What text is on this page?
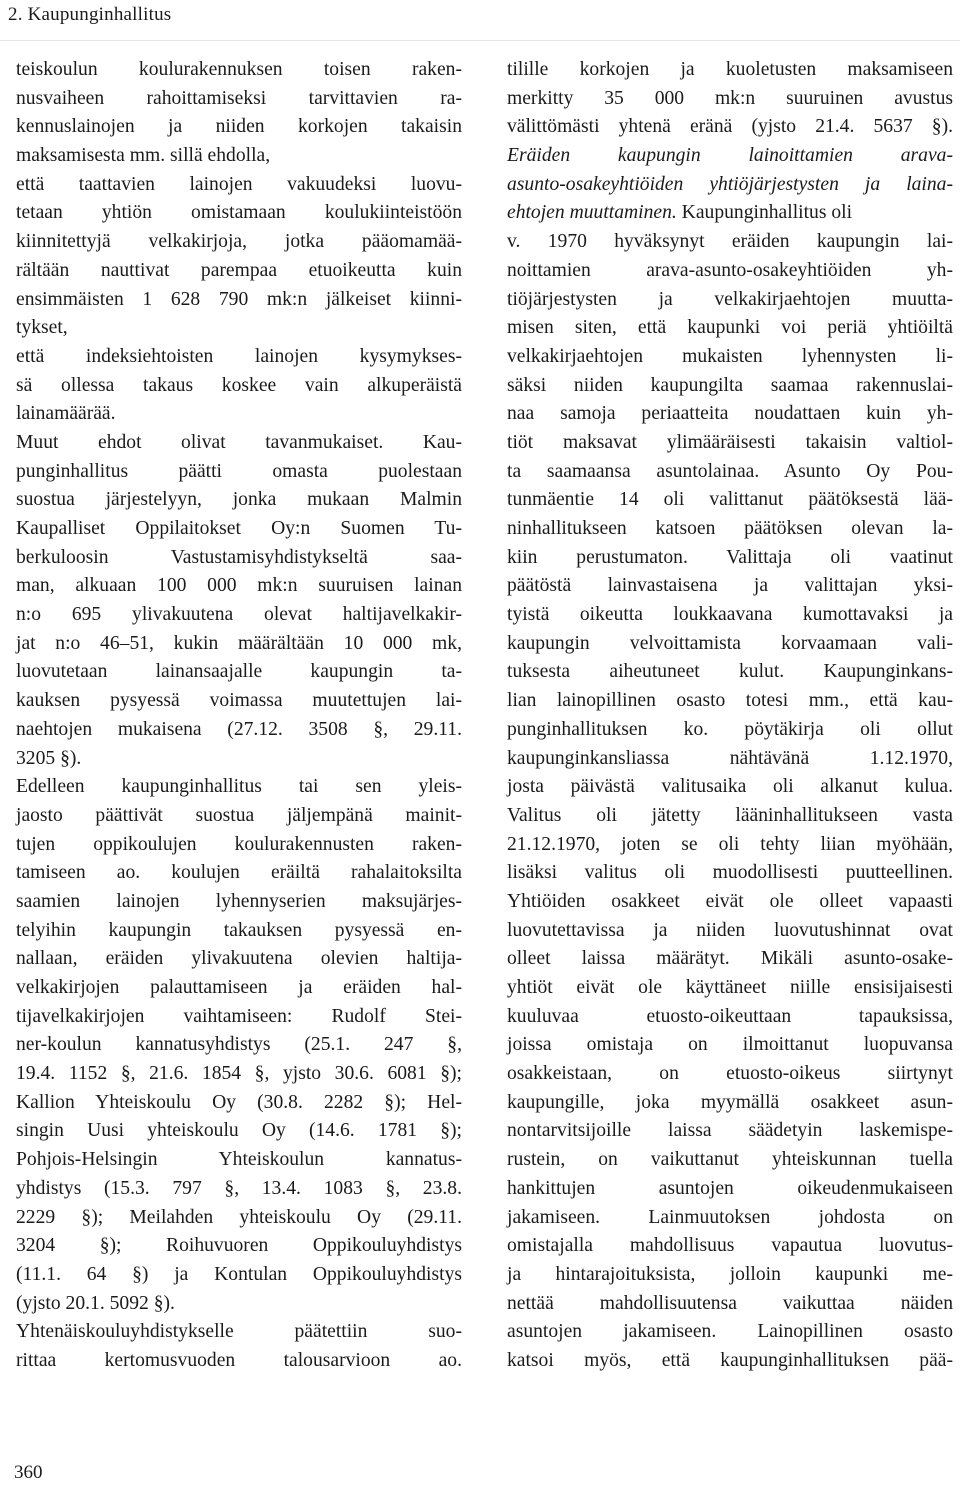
2. Kaupunginhallitus
teiskoulun koulurakennuksen toisen raken-
nusvaiheen rahoittamiseksi tarvittavien ra-
kennuslainojen ja niiden korkojen takaisin
maksamisesta mm. sillä ehdolla,
että taattavien lainojen vakuudeksi luovu-
tetaan yhtiön omistamaan koulukiinteistöön
kiinnitettyjä velkakirjoja, jotka pääomamää-
rältään nauttivat parempaa etuoikeutta kuin
ensimmäisten 1 628 790 mk:n jälkeiset kiinni-
tykset,
että indeksiehtoisten lainojen kysymykses-
sä ollessa takaus koskee vain alkuperäistä
lainamäärää.
Muut ehdot olivat tavanmukaiset. Kau-
punginhallitus päätti omasta puolestaan
suostua järjestelyyn, jonka mukaan Malmin
Kaupalliset Oppilaitokset Oy:n Suomen Tu-
berkuloosin Vastustamisyhdistykseltä saa-
man, alkuaan 100 000 mk:n suuruisen lainan
n:o 695 ylivakuutena olevat haltijavelkakir-
jat n:o 46–51, kukin määrältään 10 000 mk,
luovutetaan lainansaajalle kaupungin ta-
kauksen pysyessä voimassa muutettujen lai-
naehtojen mukaisena (27.12. 3508 §, 29.11.
3205 §).
Edelleen kaupunginhallitus tai sen yleis-
jaosto päättivät suostua jäljempänä mainit-
tujen oppikoulujen koulurakennusten raken-
tamiseen ao. koulujen eräiltä rahalaitoksilta
saamien lainojen lyhennyserien maksujärjes-
telyihin kaupungin takauksen pysyessä en-
nallaan, eräiden ylivakuutena olevien haltija-
velkakirjojen palauttamiseen ja eräiden hal-
tijavelkakirjojen vaihtamiseen: Rudolf Stei-
ner-koulun kannatusyhdistys (25.1. 247 §,
19.4. 1152 §, 21.6. 1854 §, yjsto 30.6. 6081 §);
Kallion Yhteiskoulu Oy (30.8. 2282 §); Hel-
singin Uusi yhteiskoulu Oy (14.6. 1781 §);
Pohjois-Helsingin Yhteiskoulun kannatus-
yhdistys (15.3. 797 §, 13.4. 1083 §, 23.8.
2229 §); Meilahden yhteiskoulu Oy (29.11.
3204 §); Roihuvuoren Oppikouluyhdistys
(11.1. 64 §) ja Kontulan Oppikouluyhdistys
(yjsto 20.1. 5092 §).
Yhtenäiskouluyhdistykselle päätettiin suo-
rittaa kertomusvuoden talousarvioon ao.
tilille korkojen ja kuoletusten maksamiseen
merkitty 35 000 mk:n suuruinen avustus
välittömästi yhtenä eränä (yjsto 21.4. 5637 §).
Eräiden kaupungin lainoittamien arava-
asunto-osakeyhtiöiden yhtiöjärjestysten ja laina-
ehtojen muuttaminen. Kaupunginhallitus oli
v. 1970 hyväksynyt eräiden kaupungin lai-
noittamien arava-asunto-osakeyhtiöiden yh-
tiöjärjestysten ja velkakirjaehtojen muutta-
misen siten, että kaupunki voi periä yhtiöiltä
velkakirjaehtojen mukaisten lyhennysten li-
säksi niiden kaupungilta saamaa rakennuslai-
naa samoja periaatteita noudattaen kuin yh-
tiöt maksavat ylimääräisesti takaisin valtiol-
ta saamaansa asuntolainaa. Asunto Oy Pou-
tunmäentie 14 oli valittanut päätöksestä lää-
ninhallitukseen katsoen päätöksen olevan la-
kiin perustumaton. Valittaja oli vaatinut
päätöstä lainvastaisena ja valittajan yksi-
tyistä oikeutta loukkaavana kumottavaksi ja
kaupungin velvoittamista korvaamaan vali-
tuksesta aiheutuneet kulut. Kaupunginkans-
lian lainopillinen osasto totesi mm., että kau-
punginhallituksen ko. pöytäkirja oli ollut
kaupunginkansliassa nähtävänä 1.12.1970,
josta päivästä valitusaika oli alkanut kulua.
Valitus oli jätetty lääninhallitukseen vasta
21.12.1970, joten se oli tehty liian myöhään,
lisäksi valitus oli muodollisesti puutteellinen.
Yhtiöiden osakkeet eivät ole olleet vapaasti
luovutettavissa ja niiden luovutushinnat ovat
olleet laissa määrätyt. Mikäli asunto-osake-
yhtiöt eivät ole käyttäneet niille ensisijaisesti
kuuluvaa etuosto-oikeuttaan tapauksissa,
joissa omistaja on ilmoittanut luopuvansa
osakkeistaan, on etuosto-oikeus siirtynyt
kaupungille, joka myymällä osakkeet asun-
nontarvitsijoille laissa säädetyin laskemispe-
rustein, on vaikuttanut yhteiskunnan tuella
hankittujen asuntojen oikeudenmukaiseen
jakamiseen. Lainmuutoksen johdosta on
omistajalla mahdollisuus vapautua luovutus-
ja hintarajoituksista, jolloin kaupunki me-
nettää mahdollisuutensa vaikuttaa näiden
asuntojen jakamiseen. Lainopillinen osasto
katsoi myös, että kaupunginhallituksen pää-
360
